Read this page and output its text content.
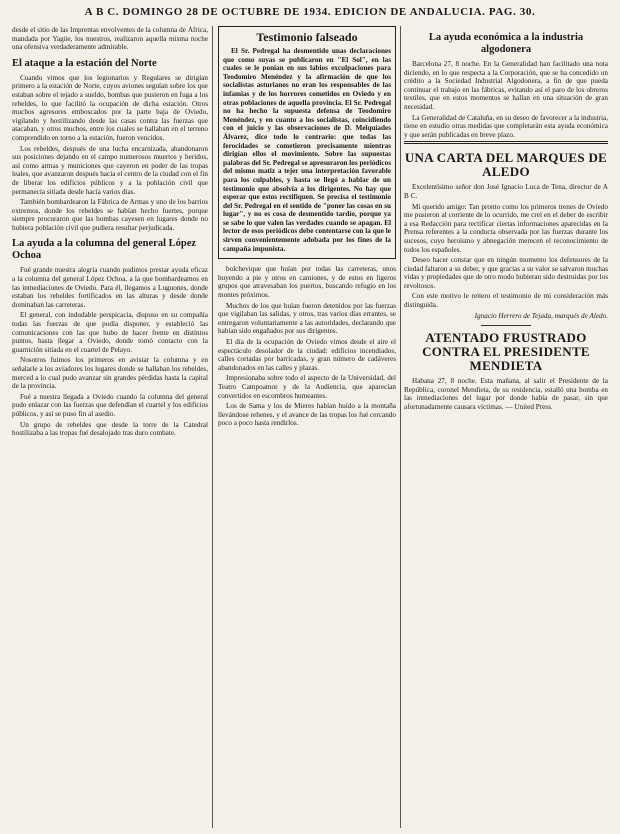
A B C. DOMINGO 28 DE OCTUBRE DE 1934. EDICION DE ANDALUCIA. PAG. 30.

desde el sitio de las Imprentas envolventes de la columna de África, mandada por Yagüe, los nuestros, realizaron aquella misma noche una ofensiva verdaderamente admirable.

El ataque a la estación del Norte

Cuando vimos que los legionarios y Regulares se dirigían primero a la estación de Norte, cuyos aviones seguían sobre los que estaban sobre el tejado a sueldo, bombas que pusieron en fuga a los rebeldes, lo que facilitó la ocupación de dicha estación. Otros muchos agresores emboscados por la parte baja de Oviedo, vigilando y hostilizando desde las casas contra las fuerzas que atacaban, y otros muchos, entre los cuales se hallaban en el terreno comprendido en torno a la estación, fueron vencidos.

Los rebeldes, después de una lucha encarnizada, abandonaron sus posiciones dejando en el campo numerosos muertos y heridos, así como armas y municiones que cayeron en poder de las tropas leales, que avanzaron después hacia el centro de la ciudad con el fin de liberar los edificios públicos y a la población civil que permanecía sitiada desde hacía varios días.

También bombardearon la Fábrica de Armas y uno de los barrios extremos, donde los rebeldes se habían hecho fuertes, porque siempre procuraron que las bombas cayesen en lugares donde no hubiera población civil que pudiera resultar perjudicada.

La ayuda a la columna del general López Ochoa

Fué grande nuestra alegría cuando pudimos prestar ayuda eficaz a la columna del general López Ochoa, a la que bombardeamos en las inmediaciones de Oviedo. Para él, llegamos a Luguones, donde estaban los rebeldes fortificados en las alturas y desde donde dominaban las carreteras.

El general, con indudable perspicacia, dispuso en su compañía todas las fuerzas de que podía disponer, y estableció las comunicaciones con las que hubo de hacer frente en distintos puntos, hasta llegar a Oviedo, donde tomó contacto con la guarnición sitiada en el cuartel de Pelayo.

Nosotros fuimos los primeros en avistar la columna y en señalarle a los aviadores los lugares donde se hallaban los rebeldes, merced a lo cual pudo avanzar sin grandes pérdidas hasta la capital de la provincia.

Fué a nuestra llegada a Oviedo cuando la columna del general pudo enlazar con las fuerzas que defendían el cuartel y los edificios públicos, y así se puso fin al asedio.

Un grupo de rebeldes que desde la torre de la Catedral hostilizaba a las tropas fué desalojado tras duro combate.

Testimonio falseado

El Sr. Pedregal ha desmentido unas declaraciones que como suyas se publicaron en "El Sol", en las cuales se le ponían en sus labios exculpaciones para Teodomiro Menéndez y la afirmación de que los socialistas asturianos no eran los responsables de las infamias y de los horrores cometidos en Oviedo y en otras poblaciones de aquella provincia. El Sr. Pedregal no ha hecho la supuesta defensa de Teodomiro Menéndez, y en cuanto a los socialistas, coincidiendo con el juicio y las observaciones de D. Melquíades Álvarez, dice todo lo contrario: que todas las ferocidades se cometieron precisamente mientras dirigían ellos el movimiento. Sobre las supuestas palabras del Sr. Pedregal se apresuraron los periódicos del mismo matiz a tejer una interpretación favorable para los culpables, y hasta se llegó a hablar de un testimonio que absolvía a los dirigentes. No hay que esperar que estos rectifiquen. Se precisa el testimonio del Sr. Pedregal en el sentido de "poner las cosas en su lugar", y no es cosa de desmentido tardío, porque ya se sabe lo que valen las verdades cuando se apagan. El lector de esos periódicos debe contentarse con la que le sirven convenientemente adobada por los fines de la campaña impunista.

bolchevique que huían por todas las carreteras, unos huyendo a pie y otros en camiones, y de estos en ligeros grupos que atravesaban los puertos, buscando refugio en los montes próximos.

Muchos de los que huían fueron detenidos por las fuerzas que vigilaban las salidas, y otros, tras varios días errantes, se entregaron voluntariamente a las autoridades, declarando que habían sido engañados por sus dirigentes.

El día de la ocupación de Oviedo vimos desde el aire el espectáculo desolador de la ciudad: edificios incendiados, calles cortadas por barricadas, y gran número de cadáveres abandonados en las calles y plazas.

Impresionaba sobre todo el aspecto de la Universidad, del Teatro Campoamor y de la Audiencia, que aparecían convertidos en escombros humeantes.

Los de Sama y los de Mieres habían huído a la montaña llevándose rehenes, y el avance de las tropas los fué cercando poco a poco hasta rendirlos.

La ayuda económica a la industria algodonera

Barcelona 27, 8 noche. En la Generalidad han facilitado una nota diciendo, en lo que respecta a la Corporación, que se ha concedido un crédito a la Sociedad Industrial Algodonera, a fin de que pueda continuar el trabajo en las fábricas, evitando así el paro de los obreros textiles, que en estos momentos se hallan en una situación de gran necesidad.

La Generalidad de Cataluña, en su deseo de favorecer a la industria, tiene en estudio otras medidas que completarán esta ayuda económica y que serán publicadas en breve plazo.

UNA CARTA DEL MARQUES DE ALEDO

Excelentísimo señor don José Ignacio Luca de Tena, director de A B C.

Mi querido amigo: Tan pronto como los primeros trenes de Oviedo me pusieron al corriente de lo ocurrido, me creí en el deber de escribir a esa Redacción para rectificar ciertas informaciones aparecidas en la Prensa referentes a la conducta observada por las fuerzas durante los sucesos, cuyo heroísmo y abnegación merecen el reconocimiento de todos los españoles.

Deseo hacer constar que en ningún momento los defensores de la ciudad faltaron a su deber, y que gracias a su valor se salvaron muchas vidas y propiedades que de otro modo hubieran sido destruidas por los revoltosos.

Con este motivo le reitero el testimonio de mi consideración más distinguida.

Ignacio Herrero de Tejada, marqués de Aledo.

ATENTADO FRUSTRADO CONTRA EL PRESIDENTE MENDIETA

Habana 27, 8 noche. Esta mañana, al salir el Presidente de la República, coronel Mendieta, de su residencia, estalló una bomba en las inmediaciones del lugar por donde había de pasar, sin que afortunadamente causara víctimas. — United Press.
